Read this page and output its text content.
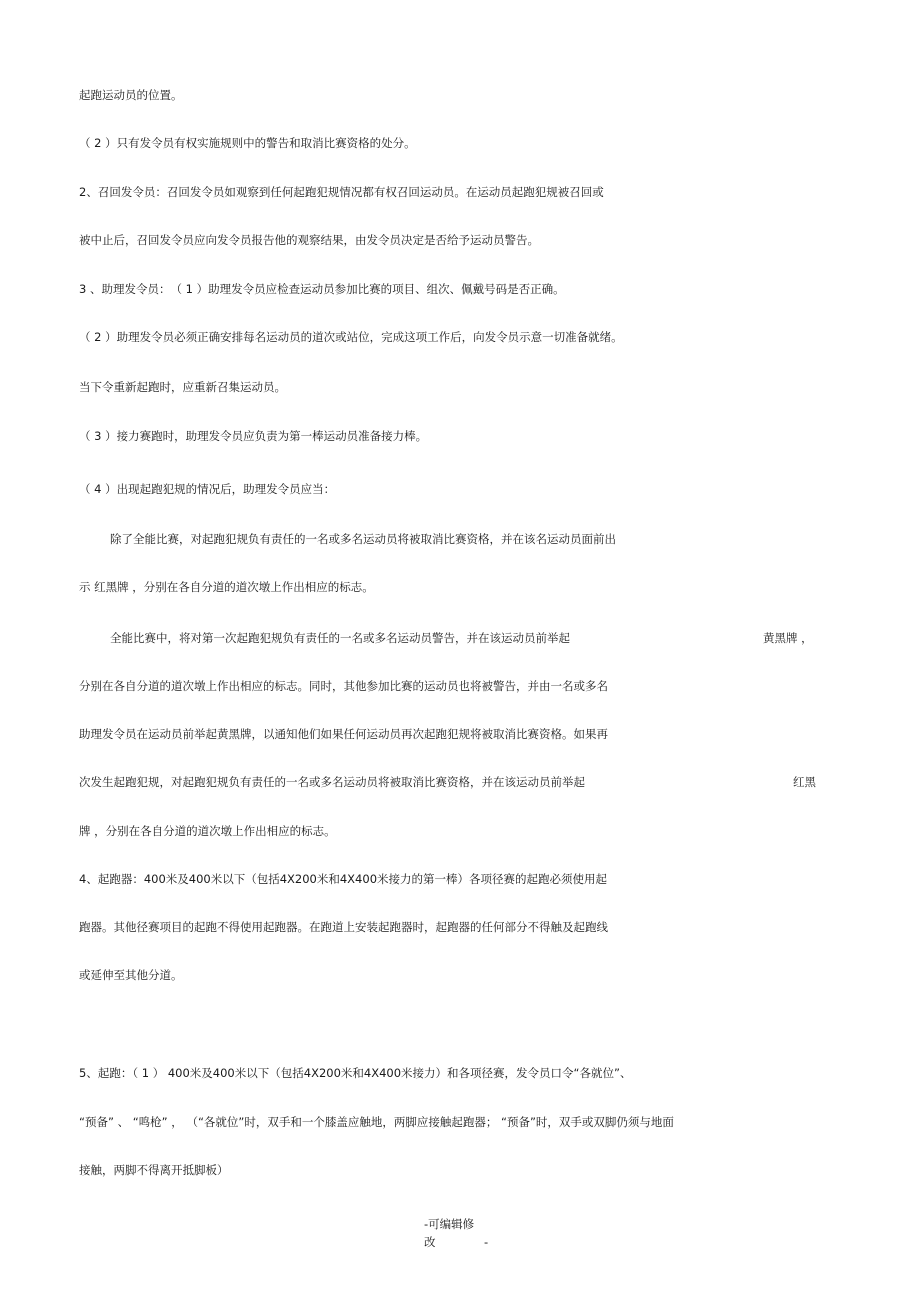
起跑运动员的位置。
（ 2 ）只有发令员有权实施规则中的警告和取消比赛资格的处分。
2、召回发令员：召回发令员如观察到任何起跑犯规情况都有权召回运动员。在运动员起跑犯规被召回或
被中止后，召回发令员应向发令员报告他的观察结果，由发令员决定是否给予运动员警告。
3 、助理发令员：　（ 1 ）助理发令员应检查运动员参加比赛的项目、组次、佩戴号码是否正确。
（ 2 ）助理发令员必须正确安排每名运动员的道次或站位，完成这项工作后，向发令员示意一切准备就绪。
当下令重新起跑时，应重新召集运动员。
（ 3 ）接力赛跑时，助理发令员应负责为第一棒运动员准备接力棒。
（ 4 ）出现起跑犯规的情况后，助理发令员应当：
除了全能比赛，对起跑犯规负有责任的一名或多名运动员将被取消比赛资格，并在该名运动员面前出
示 红黑牌 ，分别在各自分道的道次墩上作出相应的标志。
全能比赛中，将对第一次起跑犯规负有责任的一名或多名运动员警告，并在该运动员前举起	黄黑牌 ，
分别在各自分道的道次墩上作出相应的标志。同时，其他参加比赛的运动员也将被警告，并由一名或多名
助理发令员在运动员前举起黄黑牌，以通知他们如果任何运动员再次起跑犯规将被取消比赛资格。如果再
次发生起跑犯规，对起跑犯规负有责任的一名或多名运动员将被取消比赛资格，并在该运动员前举起	红黑
牌 ，分别在各自分道的道次墩上作出相应的标志。
4、起跑器：400米及400米以下（包括4X200米和4X400米接力的第一棒）各项径赛的起跑必须使用起
跑器。其他径赛项目的起跑不得使用起跑器。在跑道上安装起跑器时，起跑器的任何部分不得触及起跑线
或延伸至其他分道。
5、起跑：（ 1 ） 400米及400米以下（包括4X200米和4X400米接力）和各项径赛，发令员口令“各就位”、
“预备” 、 “鸣枪” ， （“各就位”时，双手和一个膝盖应触地，两脚应接触起跑器； “预备”时，双手或双脚仍须与地面
接触，两脚不得离开抵脚板）
-可编辑修
改	-
